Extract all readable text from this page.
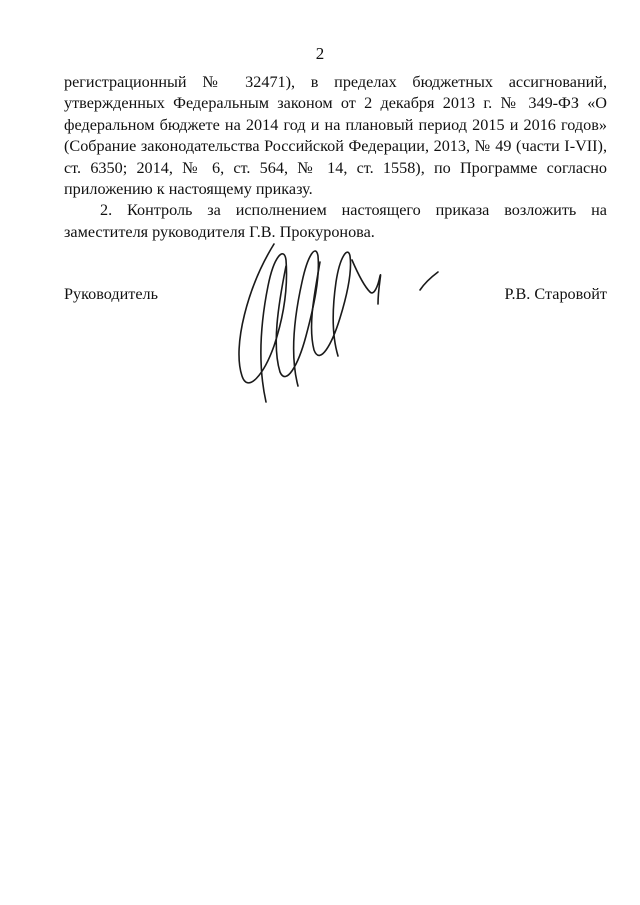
2

регистрационный № 32471), в пределах бюджетных ассигнований, утвержденных Федеральным законом от 2 декабря 2013 г. № 349-ФЗ «О федеральном бюджете на 2014 год и на плановый период 2015 и 2016 годов» (Собрание законодательства Российской Федерации, 2013, № 49 (части I-VII), ст. 6350; 2014, № 6, ст. 564, № 14, ст. 1558), по Программе согласно приложению к настоящему приказу.

2. Контроль за исполнением настоящего приказа возложить на заместителя руководителя Г.В. Прокуронова.

Руководитель	Р.В. Старовойт
